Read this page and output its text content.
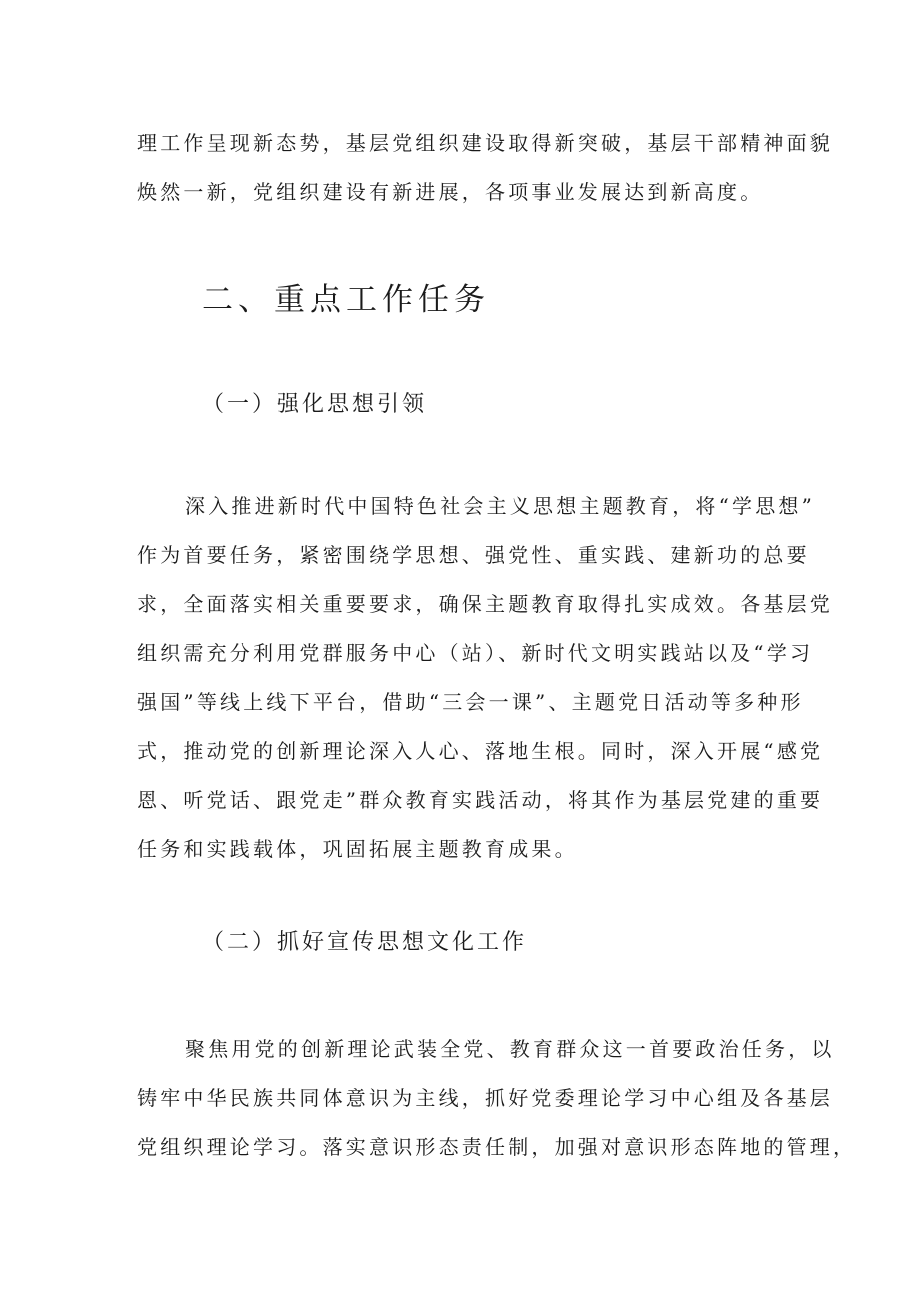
理工作呈现新态势，基层党组织建设取得新突破，基层干部精神面貌
焕然一新，党组织建设有新进展，各项事业发展达到新高度。
二、重点工作任务
（一）强化思想引领
深入推进新时代中国特色社会主义思想主题教育，将“学思想”
作为首要任务，紧密围绕学思想、强党性、重实践、建新功的总要
求，全面落实相关重要要求，确保主题教育取得扎实成效。各基层党
组织需充分利用党群服务中心（站）、新时代文明实践站以及“学习
强国”等线上线下平台，借助“三会一课”、主题党日活动等多种形
式，推动党的创新理论深入人心、落地生根。同时，深入开展“感党
恩、听党话、跟党走”群众教育实践活动，将其作为基层党建的重要
任务和实践载体，巩固拓展主题教育成果。
（二）抓好宣传思想文化工作
聚焦用党的创新理论武装全党、教育群众这一首要政治任务，以
铸牢中华民族共同体意识为主线，抓好党委理论学习中心组及各基层
党组织理论学习。落实意识形态责任制，加强对意识形态阵地的管理，
